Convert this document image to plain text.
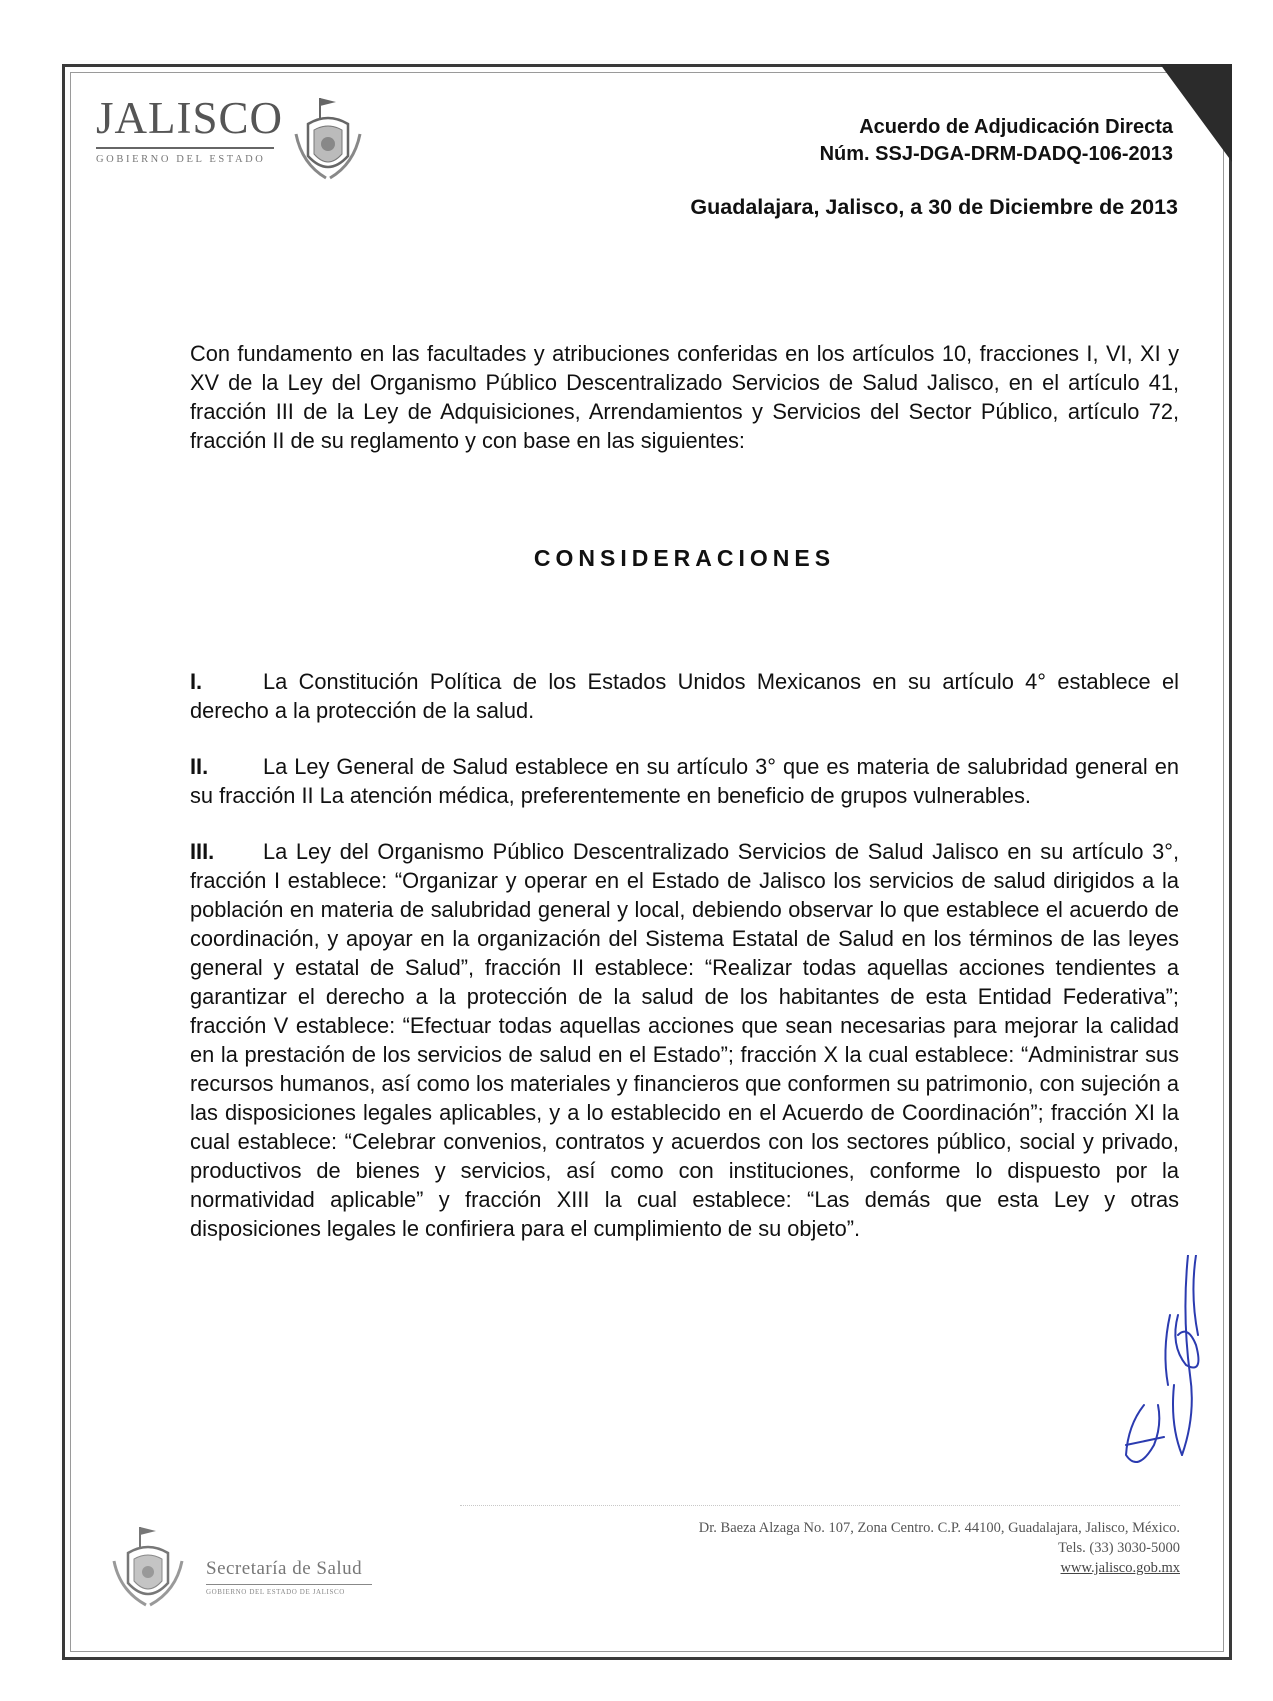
JALISCO
GOBIERNO DEL ESTADO
Acuerdo de Adjudicación Directa
Núm. SSJ-DGA-DRM-DADQ-106-2013
Guadalajara, Jalisco, a 30 de Diciembre de 2013
Con fundamento en las facultades y atribuciones conferidas en los artículos 10, fracciones I, VI, XI y XV de la Ley del Organismo Público Descentralizado Servicios de Salud Jalisco, en el artículo 41, fracción III de la Ley de Adquisiciones, Arrendamientos y Servicios del Sector Público, artículo 72, fracción II de su reglamento y con base en las siguientes:
CONSIDERACIONES

I.	La Constitución Política de los Estados Unidos Mexicanos en su artículo 4° establece el derecho a la protección de la salud.

II.	La Ley General de Salud establece en su artículo 3° que es materia de salubridad general en su fracción II La atención médica, preferentemente en beneficio de grupos vulnerables.

III. La Ley del Organismo Público Descentralizado Servicios de Salud Jalisco en su artículo 3°, fracción I establece: “Organizar y operar en el Estado de Jalisco los servicios de salud dirigidos a la población en materia de salubridad general y local, debiendo observar lo que establece el acuerdo de coordinación, y apoyar en la organización del Sistema Estatal de Salud en los términos de las leyes general y estatal de Salud”, fracción II establece: “Realizar todas aquellas acciones tendientes a garantizar el derecho a la protección de la salud de los habitantes de esta Entidad Federativa”; fracción V establece: “Efectuar todas aquellas acciones que sean necesarias para mejorar la calidad en la prestación de los servicios de salud en el Estado”; fracción X la cual establece: “Administrar sus recursos humanos, así como los materiales y financieros que conformen su patrimonio, con sujeción a las disposiciones legales aplicables, y a lo establecido en el Acuerdo de Coordinación”; fracción XI la cual establece: “Celebrar convenios, contratos y acuerdos con los sectores público, social y privado, productivos de bienes y servicios, así como con instituciones, conforme lo dispuesto por la normatividad aplicable” y fracción XIII la cual establece: “Las demás que esta Ley y otras disposiciones legales le confiriera para el cumplimiento de su objeto”.

Secretaría de Salud
GOBIERNO DEL ESTADO DE JALISCO
Dr. Baeza Alzaga No. 107, Zona Centro. C.P. 44100, Guadalajara, Jalisco, México.
Tels. (33) 3030-5000
www.jalisco.gob.mx
